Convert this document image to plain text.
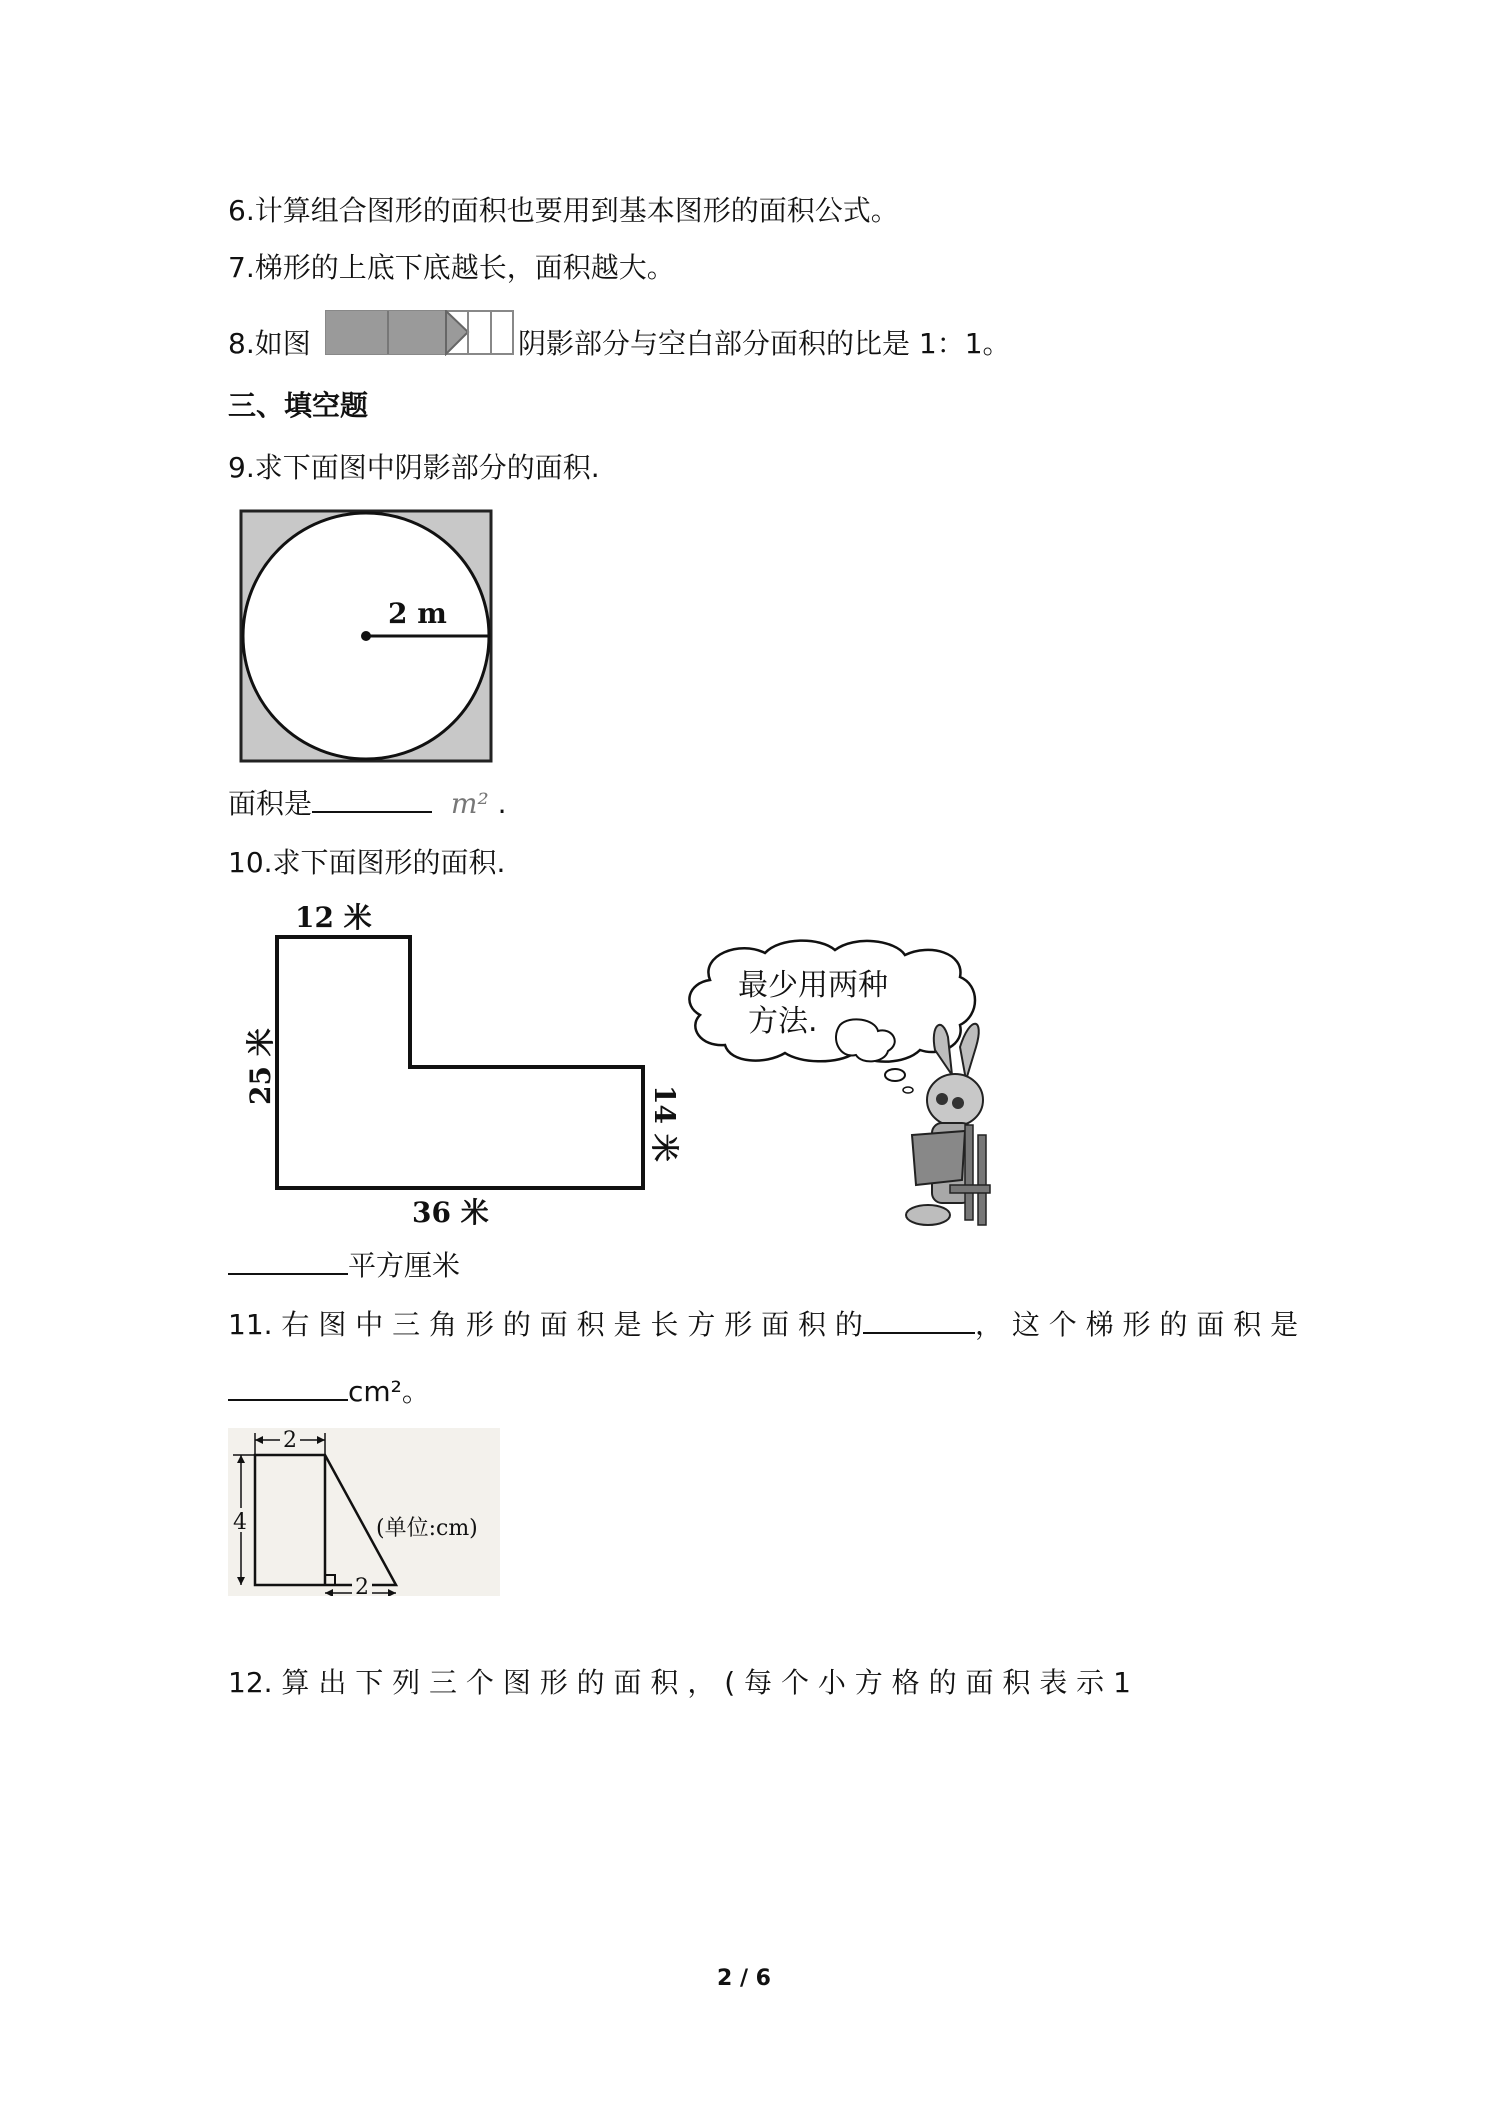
6.计算组合图形的面积也要用到基本图形的面积公式。
7.梯形的上底下底越长，面积越大。
8.如图	阴影部分与空白部分面积的比是 1：1。
三、填空题
9.求下面图中阴影部分的面积.
2 m
面积是	m² .
10.求下面图形的面积.
12 米
25 米
14 米
36 米
最少用两种
方法.
平方厘米
11. 右 图 中 三 角 形 的 面 积 是 长 方 形 面 积 的	， 这 个 梯 形 的 面 积 是
cm²。
2
4
2
(单位:cm)
12. 算 出 下 列 三 个 图 形 的 面 积 ， ( 每 个 小 方 格 的 面 积 表 示 1
2 / 6
